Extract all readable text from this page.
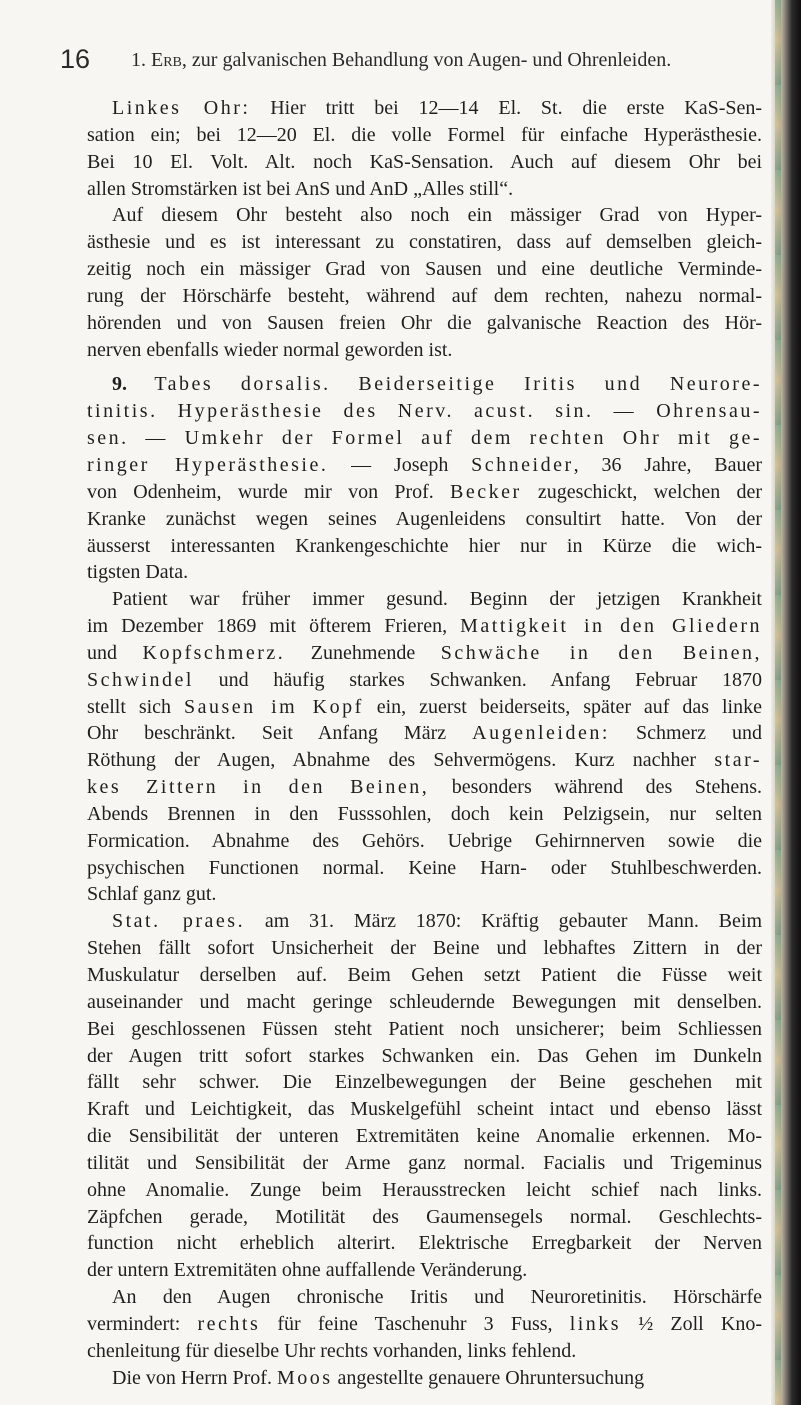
16 1. Erb, zur galvanischen Behandlung von Augen- und Ohrenleiden.
Linkes Ohr: Hier tritt bei 12—14 El. St. die erste KaS-Sen-
sation ein; bei 12—20 El. die volle Formel für einfache Hyperästhesie.
Bei 10 El. Volt. Alt. noch KaS-Sensation. Auch auf diesem Ohr bei
allen Stromstärken ist bei AnS und AnD „Alles still“.
Auf diesem Ohr besteht also noch ein mässiger Grad von Hyper-
ästhesie und es ist interessant zu constatiren, dass auf demselben gleich-
zeitig noch ein mässiger Grad von Sausen und eine deutliche Verminde-
rung der Hörschärfe besteht, während auf dem rechten, nahezu normal-
hörenden und von Sausen freien Ohr die galvanische Reaction des Hör-
nerven ebenfalls wieder normal geworden ist.
9. Tabes dorsalis. Beiderseitige Iritis und Neurore-
tinitis. Hyperästhesie des Nerv. acust. sin. — Ohrensau-
sen. — Umkehr der Formel auf dem rechten Ohr mit ge-
ringer Hyperästhesie. — Joseph Schneider, 36 Jahre, Bauer
von Odenheim, wurde mir von Prof. Becker zugeschickt, welchen der
Kranke zunächst wegen seines Augenleidens consultirt hatte. Von der
äusserst interessanten Krankengeschichte hier nur in Kürze die wich-
tigsten Data.
Patient war früher immer gesund. Beginn der jetzigen Krankheit
im Dezember 1869 mit öfterem Frieren, Mattigkeit in den Gliedern
und Kopfschmerz. Zunehmende Schwäche in den Beinen,
Schwindel und häufig starkes Schwanken. Anfang Februar 1870
stellt sich Sausen im Kopf ein, zuerst beiderseits, später auf das linke
Ohr beschränkt. Seit Anfang März Augenleiden: Schmerz und
Röthung der Augen, Abnahme des Sehvermögens. Kurz nachher star-
kes Zittern in den Beinen, besonders während des Stehens.
Abends Brennen in den Fusssohlen, doch kein Pelzigsein, nur selten
Formication. Abnahme des Gehörs. Uebrige Gehirnnerven sowie die
psychischen Functionen normal. Keine Harn- oder Stuhlbeschwerden.
Schlaf ganz gut.
Stat. praes. am 31. März 1870: Kräftig gebauter Mann. Beim
Stehen fällt sofort Unsicherheit der Beine und lebhaftes Zittern in der
Muskulatur derselben auf. Beim Gehen setzt Patient die Füsse weit
auseinander und macht geringe schleudernde Bewegungen mit denselben.
Bei geschlossenen Füssen steht Patient noch unsicherer; beim Schliessen
der Augen tritt sofort starkes Schwanken ein. Das Gehen im Dunkeln
fällt sehr schwer. Die Einzelbewegungen der Beine geschehen mit
Kraft und Leichtigkeit, das Muskelgefühl scheint intact und ebenso lässt
die Sensibilität der unteren Extremitäten keine Anomalie erkennen. Mo-
tilität und Sensibilität der Arme ganz normal. Facialis und Trigeminus
ohne Anomalie. Zunge beim Herausstrecken leicht schief nach links.
Zäpfchen gerade, Motilität des Gaumensegels normal. Geschlechts-
function nicht erheblich alterirt. Elektrische Erregbarkeit der Nerven
der untern Extremitäten ohne auffallende Veränderung.
An den Augen chronische Iritis und Neuroretinitis. Hörschärfe
vermindert: rechts für feine Taschenuhr 3 Fuss, links ½ Zoll Kno-
chenleitung für dieselbe Uhr rechts vorhanden, links fehlend.
Die von Herrn Prof. Moos angestellte genauere Ohruntersuchung
